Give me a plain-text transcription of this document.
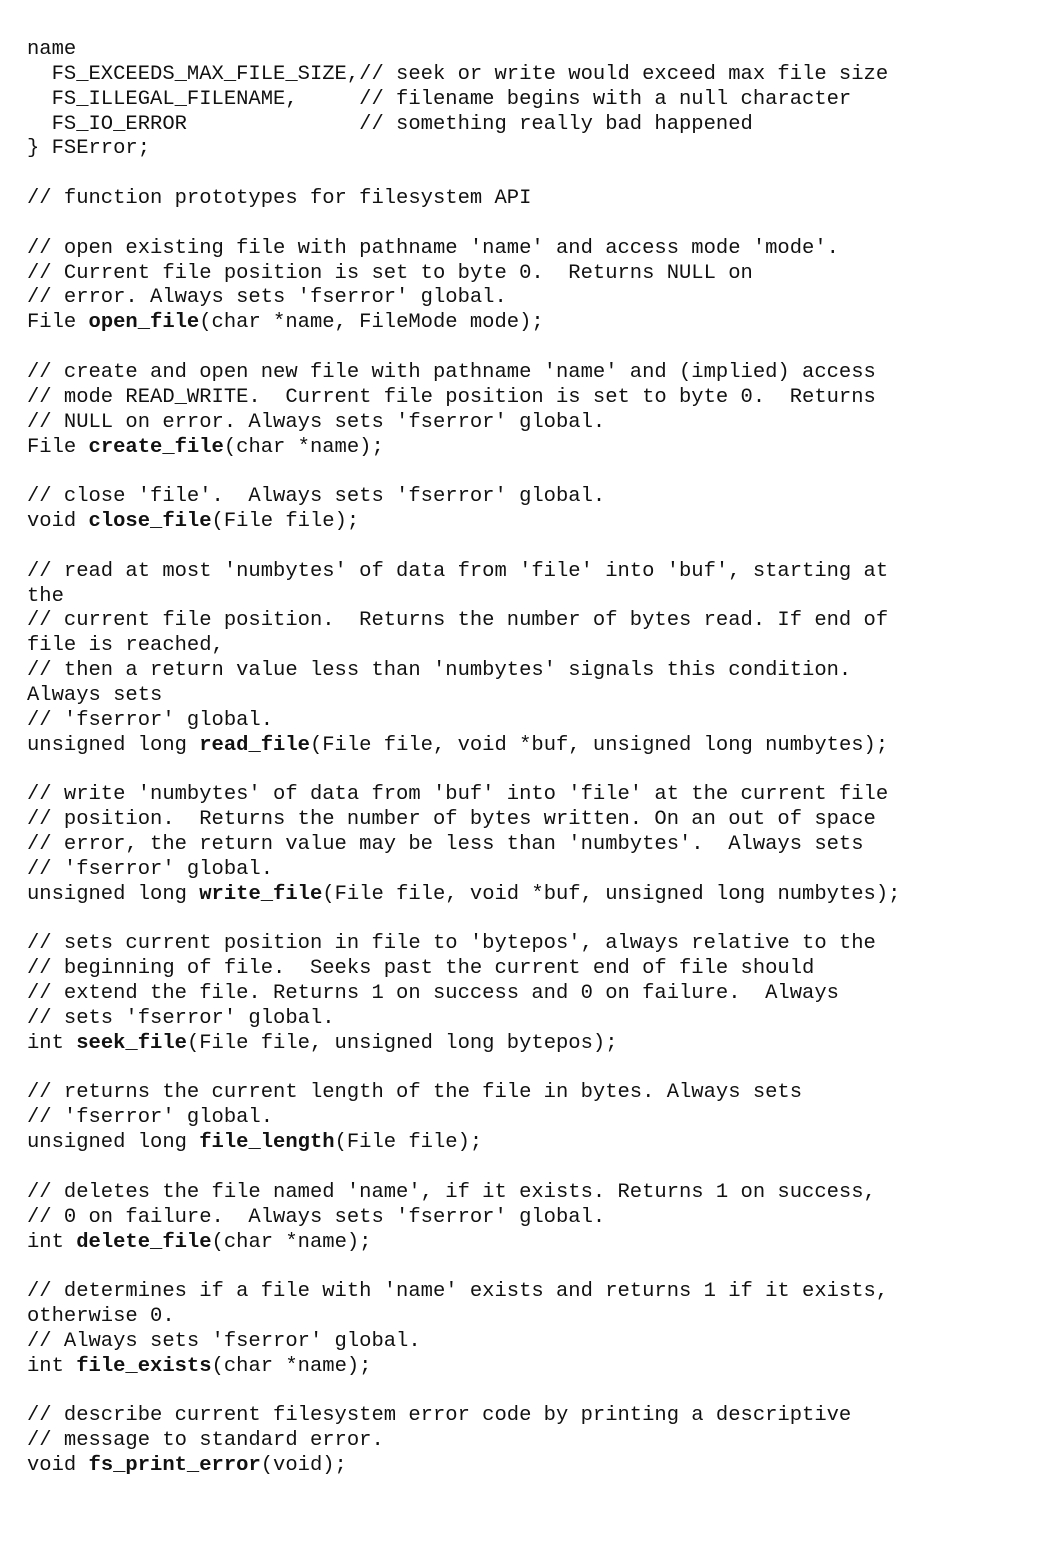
name
FS_EXCEEDS_MAX_FILE_SIZE,// seek or write would exceed max file size
FS_ILLEGAL_FILENAME,     // filename begins with a null character
FS_IO_ERROR              // something really bad happened
} FSError;
// function prototypes for filesystem API
// open existing file with pathname 'name' and access mode 'mode'.
// Current file position is set to byte 0.  Returns NULL on
// error. Always sets 'fserror' global.
File open_file(char *name, FileMode mode);
// create and open new file with pathname 'name' and (implied) access
// mode READ_WRITE.  Current file position is set to byte 0.  Returns
// NULL on error. Always sets 'fserror' global.
File create_file(char *name);
// close 'file'.  Always sets 'fserror' global.
void close_file(File file);
// read at most 'numbytes' of data from 'file' into 'buf', starting at
the
// current file position.  Returns the number of bytes read. If end of
file is reached,
// then a return value less than 'numbytes' signals this condition.
Always sets
// 'fserror' global.
unsigned long read_file(File file, void *buf, unsigned long numbytes);
// write 'numbytes' of data from 'buf' into 'file' at the current file
// position.  Returns the number of bytes written. On an out of space
// error, the return value may be less than 'numbytes'.  Always sets
// 'fserror' global.
unsigned long write_file(File file, void *buf, unsigned long numbytes);
// sets current position in file to 'bytepos', always relative to the
// beginning of file.  Seeks past the current end of file should
// extend the file. Returns 1 on success and 0 on failure.  Always
// sets 'fserror' global.
int seek_file(File file, unsigned long bytepos);
// returns the current length of the file in bytes. Always sets
// 'fserror' global.
unsigned long file_length(File file);
// deletes the file named 'name', if it exists. Returns 1 on success,
// 0 on failure.  Always sets 'fserror' global.
int delete_file(char *name);
// determines if a file with 'name' exists and returns 1 if it exists,
otherwise 0.
// Always sets 'fserror' global.
int file_exists(char *name);
// describe current filesystem error code by printing a descriptive
// message to standard error.
void fs_print_error(void);
